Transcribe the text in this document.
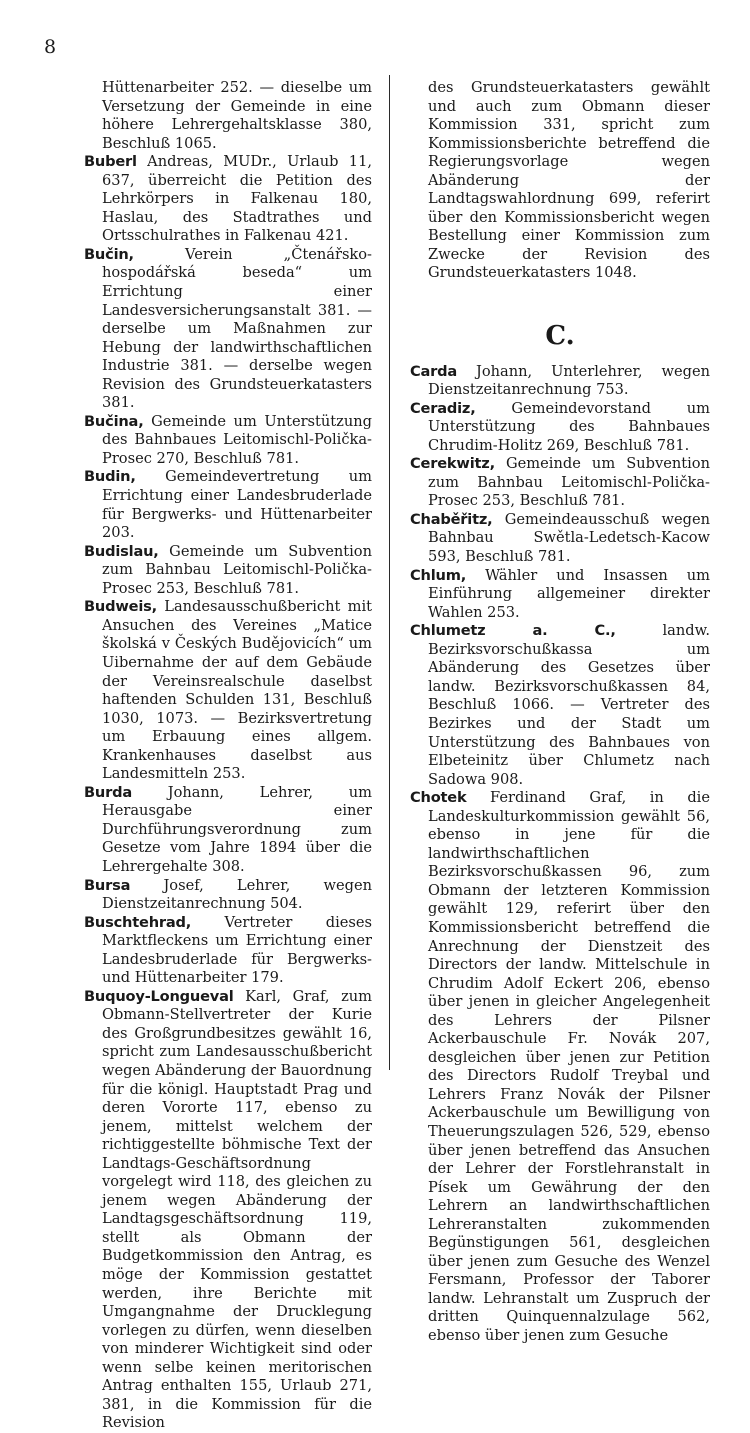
8

Hüttenarbeiter 252. — dieselbe um Versetzung der Gemeinde in eine höhere Lehrergehaltsklasse 380, Beschluß 1065.

Buberl Andreas, MUDr., Urlaub 11, 637, überreicht die Petition des Lehrkörpers in Falkenau 180, Haslau, des Stadtrathes und Ortsschulrathes in Falkenau 421.

Bučin, Verein „Čtenářsko-hospodářská beseda“ um Errichtung einer Landesversicherungsanstalt 381. — derselbe um Maßnahmen zur Hebung der landwirthschaftlichen Industrie 381. — derselbe wegen Revision des Grundsteuerkatasters 381.

Bučina, Gemeinde um Unterstützung des Bahnbaues Leitomischl-Polička-Prosec 270, Beschluß 781.

Budin, Gemeindevertretung um Errichtung einer Landesbruderlade für Bergwerks- und Hüttenarbeiter 203.

Budislau, Gemeinde um Subvention zum Bahnbau Leitomischl-Polička-Prosec 253, Beschluß 781.

Budweis, Landesausschußbericht mit Ansuchen des Vereines „Matice školská v Českých Budějovicích“ um Uibernahme der auf dem Gebäude der Vereinsrealschule daselbst haftenden Schulden 131, Beschluß 1030, 1073. — Bezirksvertretung um Erbauung eines allgem. Krankenhauses daselbst aus Landesmitteln 253.

Burda Johann, Lehrer, um Herausgabe einer Durchführungsverordnung zum Gesetze vom Jahre 1894 über die Lehrergehalte 308.

Bursa Josef, Lehrer, wegen Dienstzeitanrechnung 504.

Buschtehrad, Vertreter dieses Marktfleckens um Errichtung einer Landesbruderlade für Bergwerks- und Hüttenarbeiter 179.

Buquoy-Longueval Karl, Graf, zum Obmann-Stellvertreter der Kurie des Großgrundbesitzes gewählt 16, spricht zum Landesausschußbericht wegen Abänderung der Bauordnung für die königl. Hauptstadt Prag und deren Vororte 117, ebenso zu jenem, mittelst welchem der richtiggestellte böhmische Text der Landtags-Geschäftsordnung vorgelegt wird 118, des gleichen zu jenem wegen Abänderung der Landtagsgeschäftsordnung 119, stellt als Obmann der Budgetkommission den Antrag, es möge der Kommission gestattet werden, ihre Berichte mit Umgangnahme der Drucklegung vorlegen zu dürfen, wenn dieselben von minderer Wichtigkeit sind oder wenn selbe keinen meritorischen Antrag enthalten 155, Urlaub 271, 381, in die Kommission für die Revision

des Grundsteuerkatasters gewählt und auch zum Obmann dieser Kommission 331, spricht zum Kommissionsberichte betreffend die Regierungsvorlage wegen Abänderung der Landtagswahlordnung 699, referirt über den Kommissionsbericht wegen Bestellung einer Kommission zum Zwecke der Revision des Grundsteuerkatasters 1048.

C.

Carda Johann, Unterlehrer, wegen Dienstzeitanrechnung 753.

Ceradiz, Gemeindevorstand um Unterstützung des Bahnbaues Chrudim-Holitz 269, Beschluß 781.

Cerekwitz, Gemeinde um Subvention zum Bahnbau Leitomischl-Polička-Prosec 253, Beschluß 781.

Chaběřitz, Gemeindeausschuß wegen Bahnbau Swětla-Ledetsch-Kacow 593, Beschluß 781.

Chlum, Wähler und Insassen um Einführung allgemeiner direkter Wahlen 253.

Chlumetz a. C., landw. Bezirksvorschußkassa um Abänderung des Gesetzes über landw. Bezirksvorschußkassen 84, Beschluß 1066. — Vertreter des Bezirkes und der Stadt um Unterstützung des Bahnbaues von Elbeteinitz über Chlumetz nach Sadowa 908.

Chotek Ferdinand Graf, in die Landeskulturkommission gewählt 56, ebenso in jene für die landwirthschaftlichen Bezirksvorschußkassen 96, zum Obmann der letzteren Kommission gewählt 129, referirt über den Kommissionsbericht betreffend die Anrechnung der Dienstzeit des Directors der landw. Mittelschule in Chrudim Adolf Eckert 206, ebenso über jenen in gleicher Angelegenheit des Lehrers der Pilsner Ackerbauschule Fr. Novák 207, desgleichen über jenen zur Petition des Directors Rudolf Treybal und Lehrers Franz Novák der Pilsner Ackerbauschule um Bewilligung von Theuerungszulagen 526, 529, ebenso über jenen betreffend das Ansuchen der Lehrer der Forstlehranstalt in Písek um Gewährung der den Lehrern an landwirthschaftlichen Lehreranstalten zukommenden Begünstigungen 561, desgleichen über jenen zum Gesuche des Wenzel Fersmann, Professor der Taborer landw. Lehranstalt um Zuspruch der dritten Quinquennalzulage 562, ebenso über jenen zum Gesuche
